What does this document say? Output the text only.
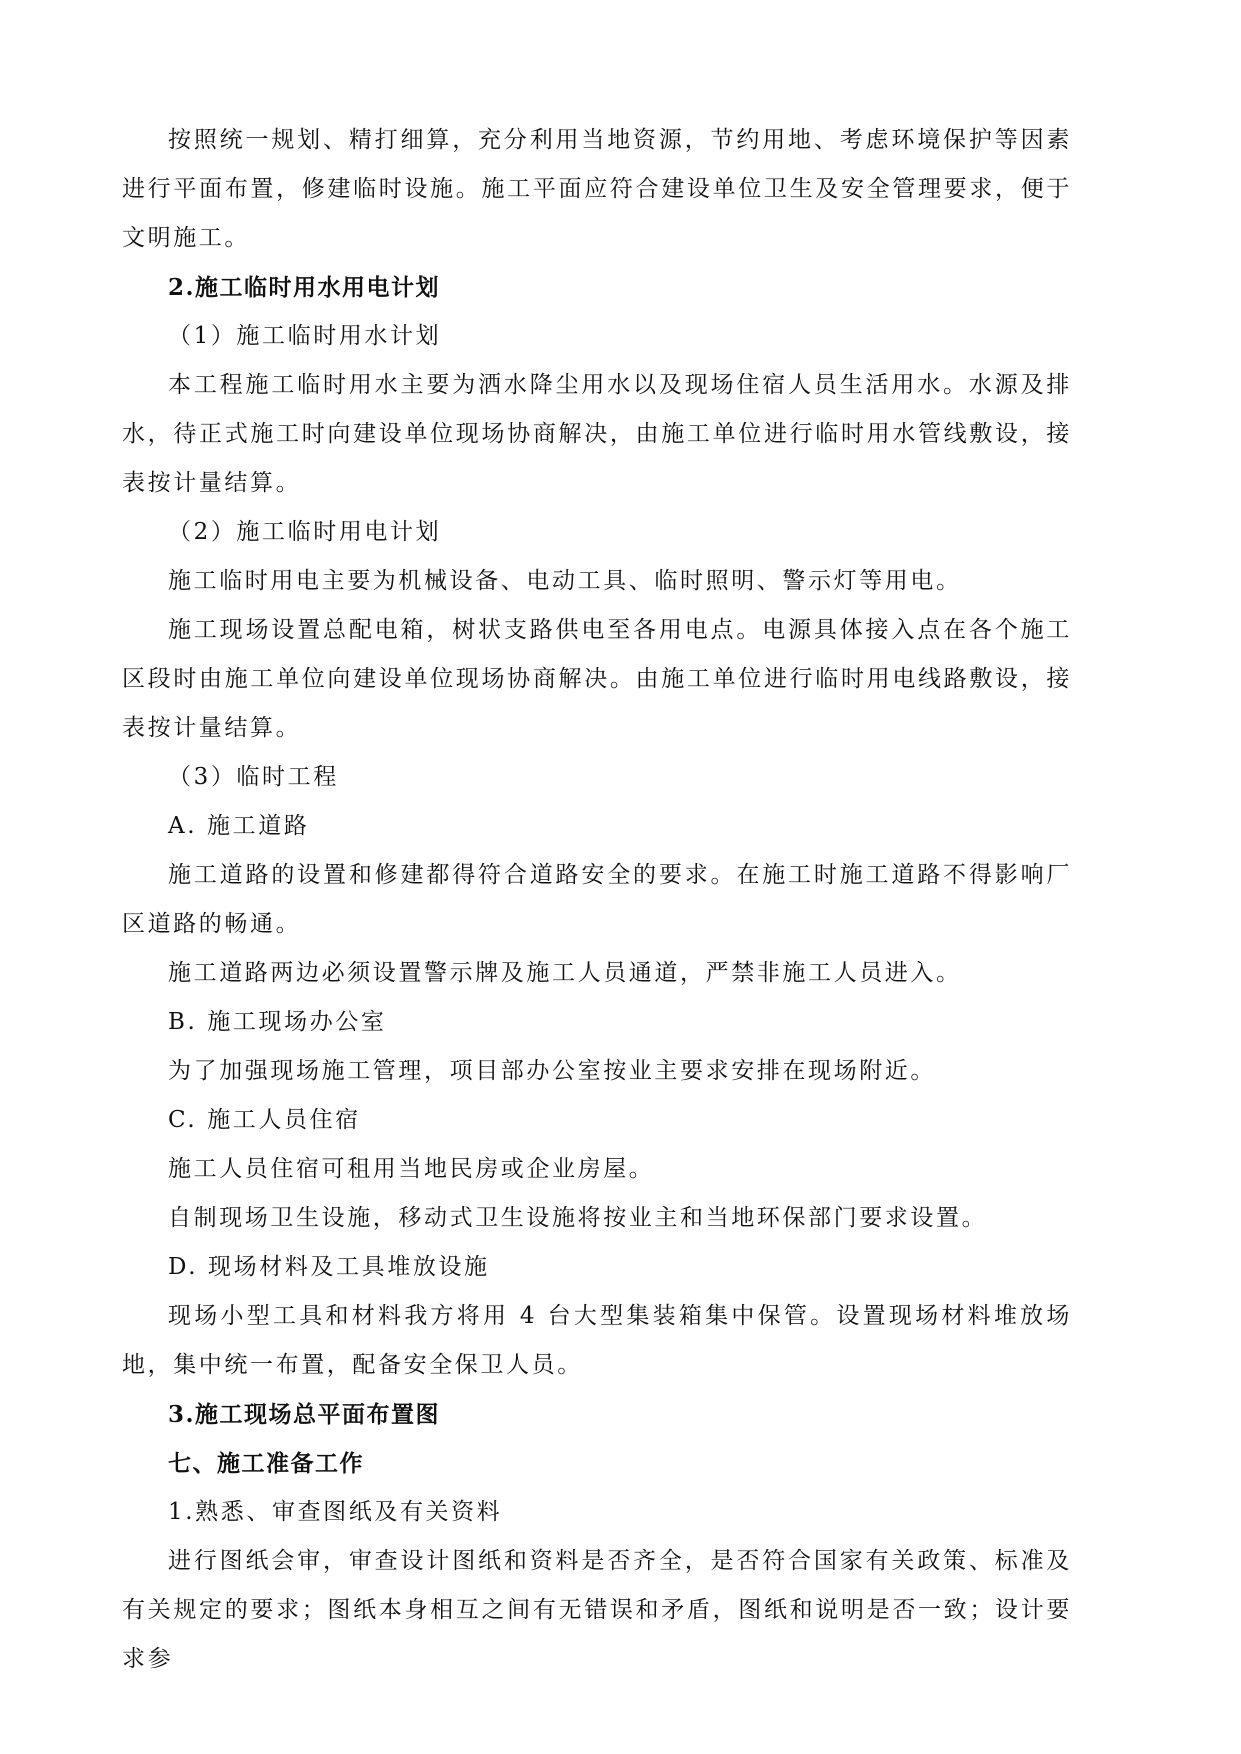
按照统一规划、精打细算，充分利用当地资源，节约用地、考虑环境保护等因素进行平面布置，修建临时设施。施工平面应符合建设单位卫生及安全管理要求，便于文明施工。

2.施工临时用水用电计划

（1）施工临时用水计划

本工程施工临时用水主要为洒水降尘用水以及现场住宿人员生活用水。水源及排水，待正式施工时向建设单位现场协商解决，由施工单位进行临时用水管线敷设，接表按计量结算。

（2）施工临时用电计划

施工临时用电主要为机械设备、电动工具、临时照明、警示灯等用电。

施工现场设置总配电箱，树状支路供电至各用电点。电源具体接入点在各个施工区段时由施工单位向建设单位现场协商解决。由施工单位进行临时用电线路敷设，接表按计量结算。

（3）临时工程

A. 施工道路

施工道路的设置和修建都得符合道路安全的要求。在施工时施工道路不得影响厂区道路的畅通。

施工道路两边必须设置警示牌及施工人员通道，严禁非施工人员进入。

B. 施工现场办公室

为了加强现场施工管理，项目部办公室按业主要求安排在现场附近。

C. 施工人员住宿

施工人员住宿可租用当地民房或企业房屋。

自制现场卫生设施，移动式卫生设施将按业主和当地环保部门要求设置。

D. 现场材料及工具堆放设施

现场小型工具和材料我方将用 4 台大型集装箱集中保管。设置现场材料堆放场地，集中统一布置，配备安全保卫人员。

3.施工现场总平面布置图

七、施工准备工作

1.熟悉、审查图纸及有关资料

进行图纸会审，审查设计图纸和资料是否齐全，是否符合国家有关政策、标准及有关规定的要求；图纸本身相互之间有无错误和矛盾，图纸和说明是否一致；设计要求参
